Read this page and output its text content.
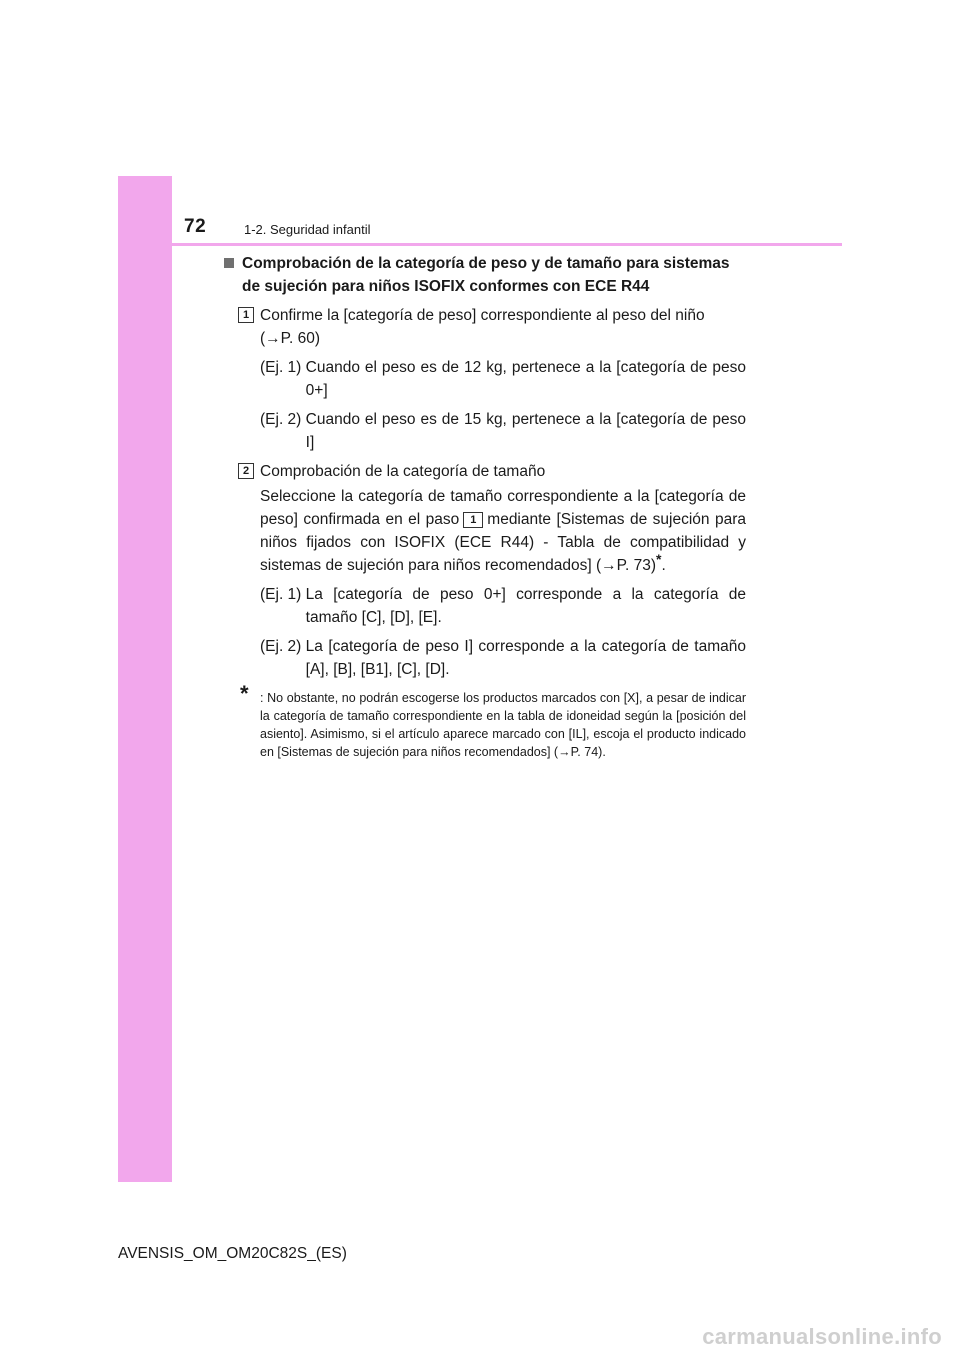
72	1-2. Seguridad infantil
Comprobación de la categoría de peso y de tamaño para sistemas de sujeción para niños ISOFIX conformes con ECE R44
1 Confirme la [categoría de peso] correspondiente al peso del niño
(→P. 60)
(Ej. 1) Cuando el peso es de 12 kg, pertenece a la [categoría de peso 0+]
(Ej. 2) Cuando el peso es de 15 kg, pertenece a la [categoría de peso I]
2 Comprobación de la categoría de tamaño
Seleccione la categoría de tamaño correspondiente a la [categoría de peso] confirmada en el paso 1 mediante [Sistemas de sujeción para niños fijados con ISOFIX (ECE R44) - Tabla de compatibilidad y sistemas de sujeción para niños recomendados] (→P. 73)*.
(Ej. 1) La [categoría de peso 0+] corresponde a la categoría de tamaño [C], [D], [E].
(Ej. 2) La [categoría de peso I] corresponde a la categoría de tamaño [A], [B], [B1], [C], [D].
* : No obstante, no podrán escogerse los productos marcados con [X], a pesar de indicar la categoría de tamaño correspondiente en la tabla de idoneidad según la [posición del asiento]. Asimismo, si el artículo aparece marcado con [IL], escoja el producto indicado en [Sistemas de sujeción para niños recomendados] (→P. 74).
AVENSIS_OM_OM20C82S_(ES)
carmanualsonline.info
